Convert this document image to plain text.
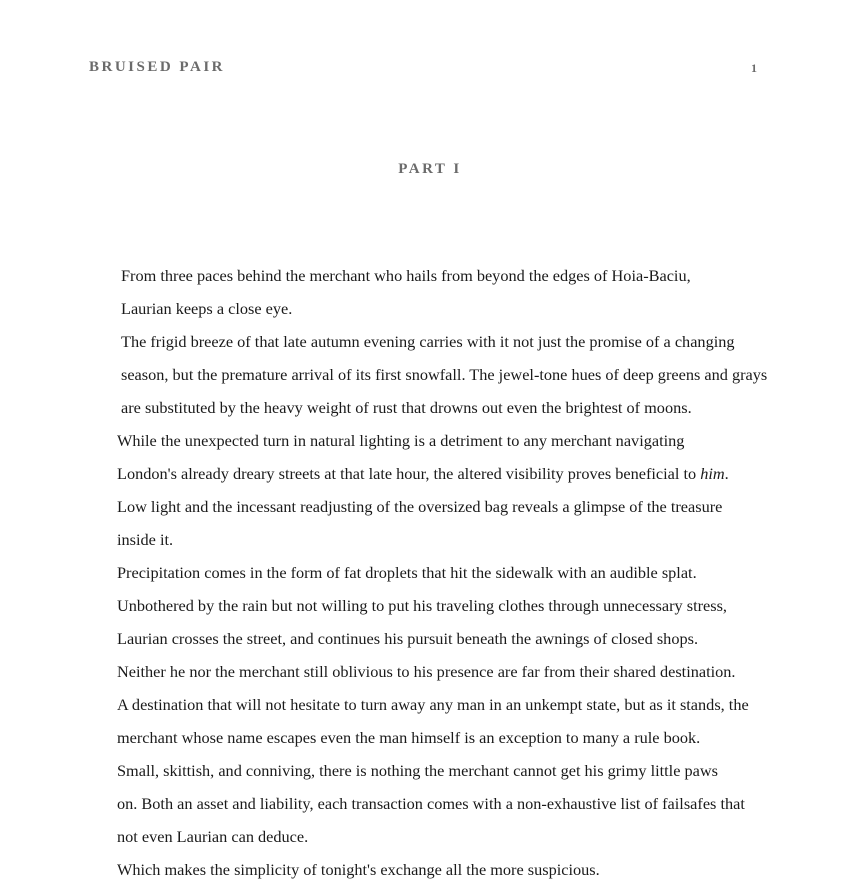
BRUISED PAIR	1
PART I

From three paces behind the merchant who hails from beyond the edges of Hoia-Baciu,
Laurian keeps a close eye.

The frigid breeze of that late autumn evening carries with it not just the promise of a changing
season, but the premature arrival of its first snowfall. The jewel-tone hues of deep greens and grays
are substituted by the heavy weight of rust that drowns out even the brightest of moons.

While the unexpected turn in natural lighting is a detriment to any merchant navigating
London's already dreary streets at that late hour, the altered visibility proves beneficial to him.

Low light and the incessant readjusting of the oversized bag reveals a glimpse of the treasure
inside it.

Precipitation comes in the form of fat droplets that hit the sidewalk with an audible splat.
Unbothered by the rain but not willing to put his traveling clothes through unnecessary stress,
Laurian crosses the street, and continues his pursuit beneath the awnings of closed shops.

Neither he nor the merchant still oblivious to his presence are far from their shared destination.
A destination that will not hesitate to turn away any man in an unkempt state, but as it stands, the
merchant whose name escapes even the man himself is an exception to many a rule book.

Small, skittish, and conniving, there is nothing the merchant cannot get his grimy little paws
on. Both an asset and liability, each transaction comes with a non-exhaustive list of failsafes that
not even Laurian can deduce.

Which makes the simplicity of tonight's exchange all the more suspicious.
